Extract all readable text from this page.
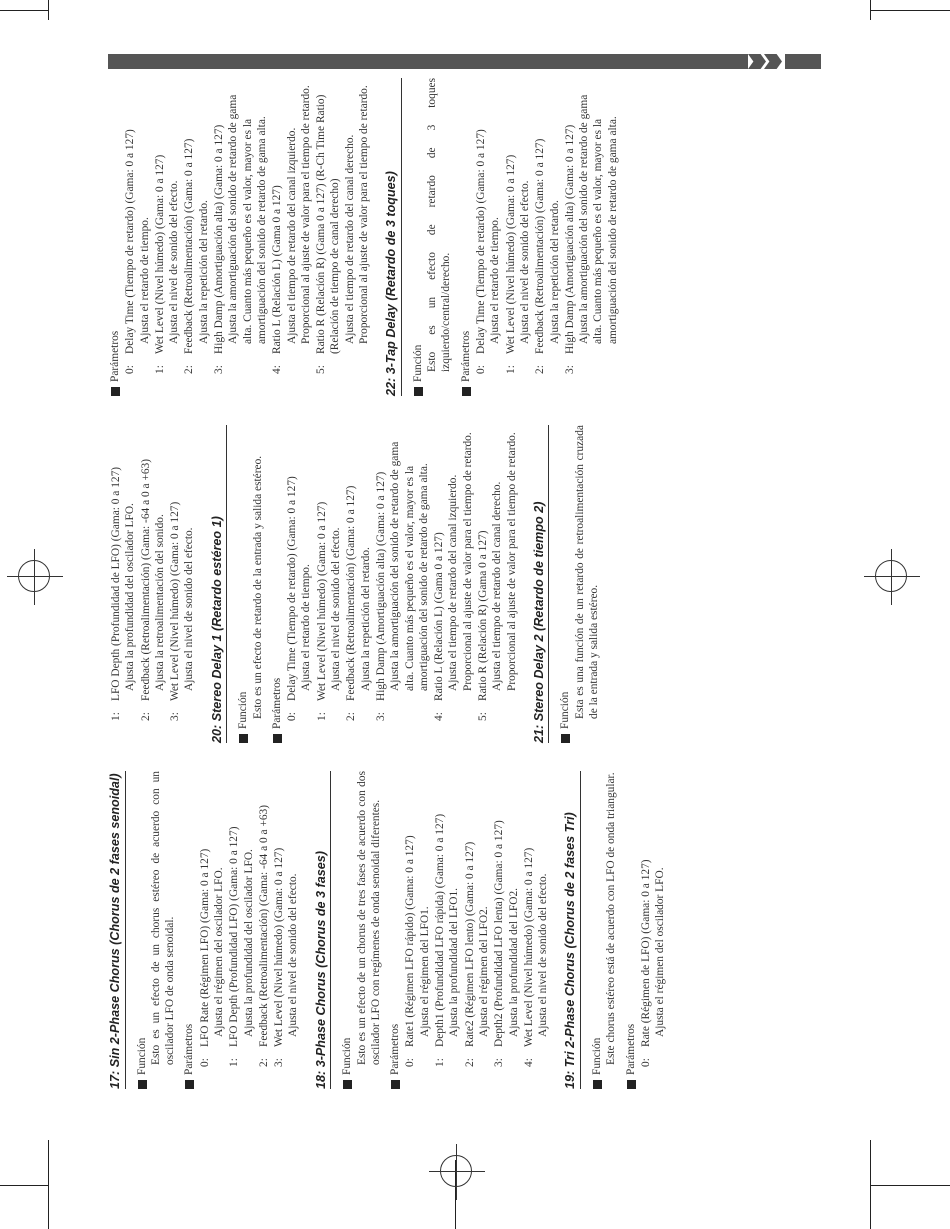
17: Sin 2-Phase Chorus (Chorus de 2 fases senoidal)	Función Esto es un efecto de un chorus estéreo de acuerdo con un oscilador LFO de onda senoidal. Parámetros 0:
LFO Rate (Régimen LFO) (Gama: 0 a 127) Ajusta el régimen del oscilador LFO.
1:
LFO Depth (Profundidad LFO) (Gama: 0 a 127) Ajusta la profundidad del oscilador LFO.
2:
Feedback (Retroalimentación) (Gama: -64 a 0 a +63)
3:
Wet Level (Nivel húmedo) (Gama: 0 a 127) Ajusta el nivel de sonido del efecto. 18: 3-Phase Chorus (Chorus de 3 fases)	Función Esto es un efecto de un chorus de tres fases de acuerdo con dos oscilador LFO con regímenes de onda senoidal diferentes. Parámetros 0:
Rate1 (Régimen LFO rápido) (Gama: 0 a 127) Ajusta el régimen del LFO1.
1:
Depth1 (Profundidad LFO rápida) (Gama: 0 a 127) Ajusta la profundidad del LFO1.
2:
Rate2 (Régimen LFO lento) (Gama: 0 a 127) Ajusta el régimen del LFO2.
3:
Depth2 (Profundidad LFO lenta) (Gama: 0 a 127) Ajusta la profundidad del LFO2.
4:
Wet Level (Nivel húmedo) (Gama: 0 a 127) Ajusta el nivel de sonido del efecto. 19: Tri 2-Phase Chorus (Chorus de 2 fases Tri)	Función Este chorus estéreo está de acuerdo con LFO de onda triangular. Parámetros 0:
Rate (Régimen de LFO) (Gama: 0 a 127) Ajusta el régimen del oscilador LFO.
1:
LFO Depth (Profundidad de LFO) (Gama: 0 a 127) Ajusta la profundidad del oscilador LFO.
2:
Feedback (Retroalimentación) (Gama: -64 a 0 a +63) Ajusta la retroalimentación del sonido.
3:
Wet Level (Nivel húmedo) (Gama: 0 a 127) Ajusta el nivel de sonido del efecto. 20: Stereo Delay 1 (Retardo estéreo 1)	Función Esto es un efecto de retardo de la entrada y salida estéreo. Parámetros 0:
Delay Time (Tiempo de retardo) (Gama: 0 a 127) Ajusta el retardo de tiempo.
1:
Wet Level (Nivel húmedo) (Gama: 0 a 127) Ajusta el nivel de sonido del efecto.
2:
Feedback (Retroalimentación) (Gama: 0 a 127) Ajusta la repetición del retardo.
3:
High Damp (Amortiguación alta) (Gama: 0 a 127) Ajusta la amortiguación del sonido de retardo de gama alta. Cuanto más pequeño es el valor, mayor es la amortiguación del sonido de retardo de gama alta.
4:
Ratio L (Relación L) (Gama 0 a 127) Ajusta el tiempo de retardo del canal izquierdo. Proporcional al ajuste de valor para el tiempo de retardo.
5:
Ratio R (Relación R) (Gama 0 a 127) Ajusta el tiempo de retardo del canal derecho. Proporcional al ajuste de valor para el tiempo de retardo. 21: Stereo Delay 2 (Retardo de tiempo 2)	Función Esta es una función de un retardo de retroalimentación cruzada de la entrada y salida estéreo.
Parámetros 0:
Delay Time (Tiempo de retardo) (Gama: 0 a 127) Ajusta el retardo de tiempo.
1:
Wet Level (Nivel húmedo) (Gama: 0 a 127) Ajusta el nivel de sonido del efecto.
2:
Feedback (Retroalimentación) (Gama: 0 a 127) Ajusta la repetición del retardo.
3:
High Damp (Amortiguación alta) (Gama: 0 a 127) Ajusta la amortiguación del sonido de retardo de gama alta. Cuanto más pequeño es el valor, mayor es la amortiguación del sonido de retardo de gama alta.
4:
Ratio L (Relación L) (Gama 0 a 127) Ajusta el tiempo de retardo del canal izquierdo. Proporcional al ajuste de valor para el tiempo de retardo.
5:
Ratio R (Relación R) (Gama 0 a 127) (R-Ch Time Ratio) (Relación de tiempo de canal derecho) Ajusta el tiempo de retardo del canal derecho. Proporcional al ajuste de valor para el tiempo de retardo. 22: 3-Tap Delay (Retardo de 3 toques)	Función Esto es un efecto de retardo de 3 toques izquierdo/central/derecho. Parámetros 0:
Delay Time (Tiempo de retardo) (Gama: 0 a 127) Ajusta el retardo de tiempo.
1:
Wet Level (Nivel húmedo) (Gama: 0 a 127) Ajusta el nivel de sonido del efecto.
2:
Feedback (Retroalimentación) (Gama: 0 a 127) Ajusta la repetición del retardo.
3:
High Damp (Amortiguación alta) (Gama: 0 a 127) Ajusta la amortiguación del sonido de retardo de gama alta. Cuanto más pequeño es el valor, mayor es la amortiguación del sonido de retardo de gama alta.
